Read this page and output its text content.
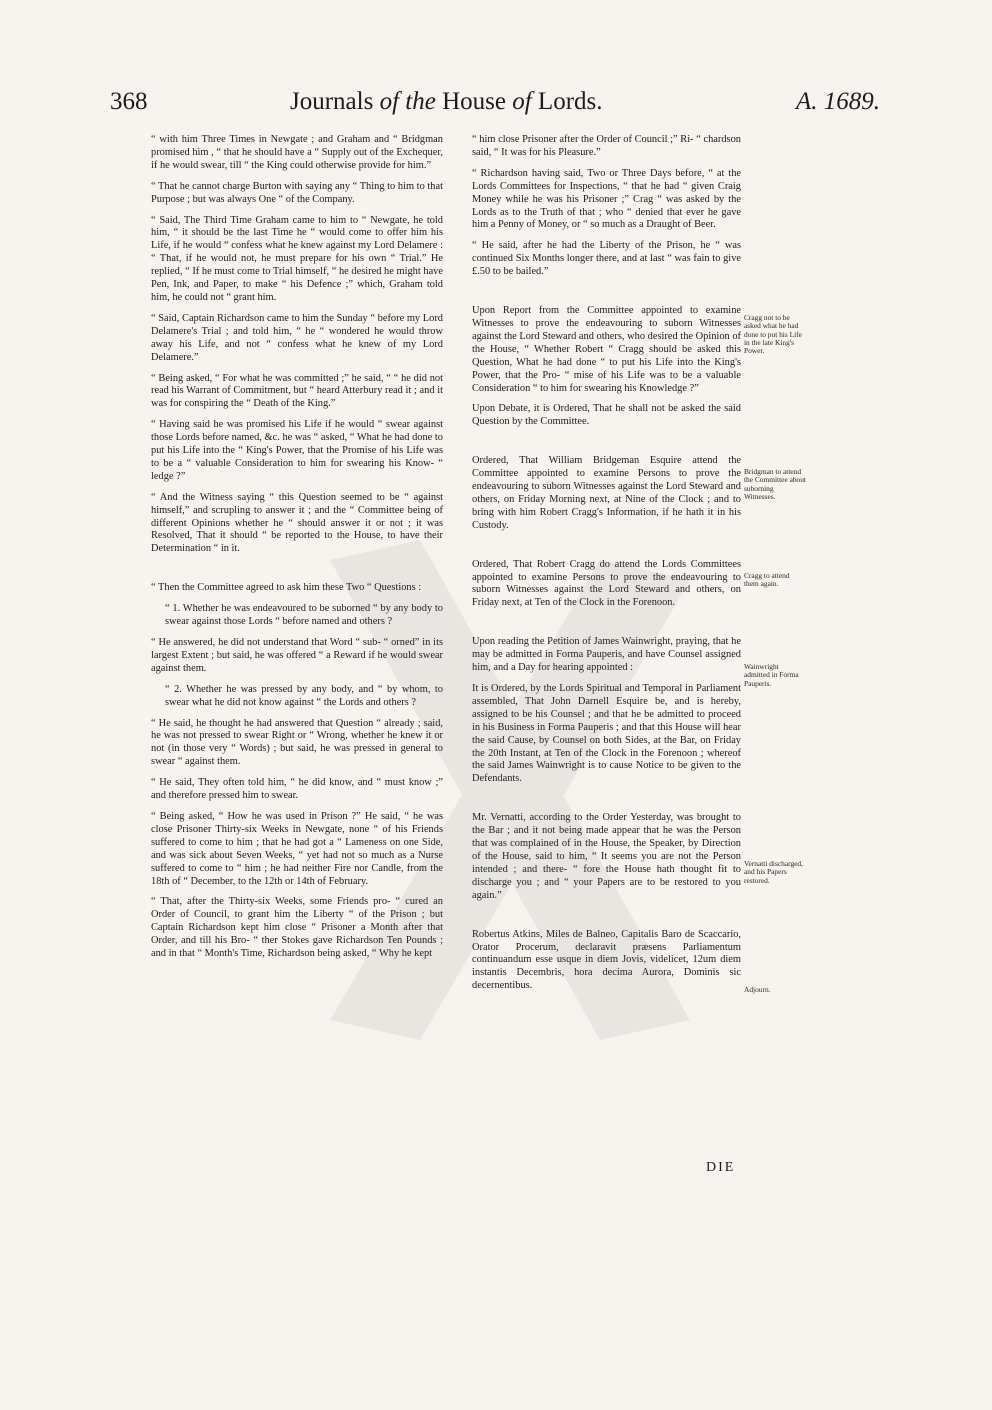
368	Journals of the House of Lords.	A. 1689.

“ with him Three Times in Newgate ; and Graham and “ Bridgman promised him , “ that he should have a “ Supply out of the Exchequer, if he would swear, till “ the King could otherwise provide for him.”

“ That he cannot charge Burton with saying any “ Thing to him to that Purpose ; but was always One “ of the Company.

“ Said, The Third Time Graham came to him to “ Newgate, he told him, “ it should be the last Time he “ would come to offer him his Life, if he would “ confess what he knew against my Lord Delamere : “ That, if he would not, he must prepare for his own “ Trial.” He replied, “ If he must come to Trial himself, “ he desired he might have Pen, Ink, and Paper, to make “ his Defence ;” which, Graham told him, he could not “ grant him.

“ Said, Captain Richardson came to him the Sunday “ before my Lord Delamere's Trial ; and told him, “ he “ wondered he would throw away his Life, and not “ confess what he knew of my Lord Delamere.”

“ Being asked, “ For what he was committed ;” he said, “ “ he did not read his Warrant of Commitment, but “ heard Atterbury read it ; and it was for conspiring the “ Death of the King.”

“ Having said he was promised his Life if he would “ swear against those Lords before named, &c. he was “ asked, “ What he had done to put his Life into the “ King's Power, that the Promise of his Life was to be a “ valuable Consideration to him for swearing his Know- “ ledge ?”

“ And the Witness saying “ this Question seemed to be “ against himself,” and scrupling to answer it ; and the “ Committee being of different Opinions whether he “ should answer it or not ; it was Resolved, That it should “ be reported to the House, to have their Determination “ in it.

“ Then the Committee agreed to ask him these Two “ Questions :

“ 1. Whether he was endeavoured to be suborned “ by any body to swear against those Lords “ before named and others ?

“ He answered, he did not understand that Word “ sub- “ orned” in its largest Extent ; but said, he was offered “ a Reward if he would swear against them.

“ 2. Whether he was pressed by any body, and “ by whom, to swear what he did not know against “ the Lords and others ?

“ He said, he thought he had answered that Question “ already ; said, he was not pressed to swear Right or “ Wrong, whether he knew it or not (in those very “ Words) ; but said, he was pressed in general to swear “ against them.

“ He said, They often told him, “ he did know, and “ must know ;” and therefore pressed him to swear.

“ Being asked, “ How he was used in Prison ?” He said, “ he was close Prisoner Thirty-six Weeks in Newgate, none “ of his Friends suffered to come to him ; that he had got a “ Lameness on one Side, and was sick about Seven Weeks, “ yet had not so much as a Nurse suffered to come to “ him ; he had neither Fire nor Candle, from the 18th of “ December, to the 12th or 14th of February.

“ That, after the Thirty-six Weeks, some Friends pro- “ cured an Order of Council, to grant him the Liberty “ of the Prison ; but Captain Richardson kept him close “ Prisoner a Month after that Order, and till his Bro- “ ther Stokes gave Richardson Ten Pounds ; and in that “ Month's Time, Richardson being asked, “ Why he kept

“ him close Prisoner after the Order of Council ;” Ri- “ chardson said, “ It was for his Pleasure.”

“ Richardson having said, Two or Three Days before, “ at the Lords Committees for Inspections, “ that he had “ given Craig Money while he was his Prisoner ;” Crag “ was asked by the Lords as to the Truth of that ; who “ denied that ever he gave him a Penny of Money, or “ so much as a Draught of Beer.

“ He said, after he had the Liberty of the Prison, he “ was continued Six Months longer there, and at last “ was fain to give £.50 to be bailed.”

Upon Report from the Committee appointed to examine Witnesses to prove the endeavouring to suborn Witnesses against the Lord Steward and others, who desired the Opinion of the House, “ Whether Robert “ Cragg should be asked this Question, What he had done “ to put his Life into the King's Power, that the Pro- “ mise of his Life was to be a valuable Consideration “ to him for swearing his Knowledge ?”

Upon Debate, it is Ordered, That he shall not be asked the said Question by the Committee.

Ordered, That William Bridgeman Esquire attend the Committee appointed to examine Persons to prove the endeavouring to suborn Witnesses against the Lord Steward and others, on Friday Morning next, at Nine of the Clock ; and to bring with him Robert Cragg's Information, if he hath it in his Custody.

Ordered, That Robert Cragg do attend the Lords Committees appointed to examine Persons to prove the endeavouring to suborn Witnesses against the Lord Steward and others, on Friday next, at Ten of the Clock in the Forenoon.

Upon reading the Petition of James Wainwright, praying, that he may be admitted in Forma Pauperis, and have Counsel assigned him, and a Day for hearing appointed :

It is Ordered, by the Lords Spiritual and Temporal in Parliament assembled, That John Darnell Esquire be, and is hereby, assigned to be his Counsel ; and that he be admitted to proceed in his Business in Forma Pauperis ; and that this House will hear the said Cause, by Counsel on both Sides, at the Bar, on Friday the 20th Instant, at Ten of the Clock in the Forenoon ; whereof the said James Wainwright is to cause Notice to be given to the Defendants.

Mr. Vernatti, according to the Order Yesterday, was brought to the Bar ; and it not being made appear that he was the Person that was complained of in the House, the Speaker, by Direction of the House, said to him, “ It seems you are not the Person intended ; and there- “ fore the House hath thought fit to discharge you ; and “ your Papers are to be restored to you again.”

Robertus Atkins, Miles de Balneo, Capitalis Baro de Scaccario, Orator Procerum, declaravit præsens Parliamentum continuandum esse usque in diem Jovis, videlicet, 12um diem instantis Decembris, hora decima Aurora, Dominis sic decernentibus.

Cragg not to be asked what he had done to put his Life in the late King's Power.
Bridgman to attend the Committee about suborning Witnesses.
Cragg to attend them again.
Wainwright admitted in Forma Pauperis.
Vernatti discharged, and his Papers restored.
Adjourn.
DIE
